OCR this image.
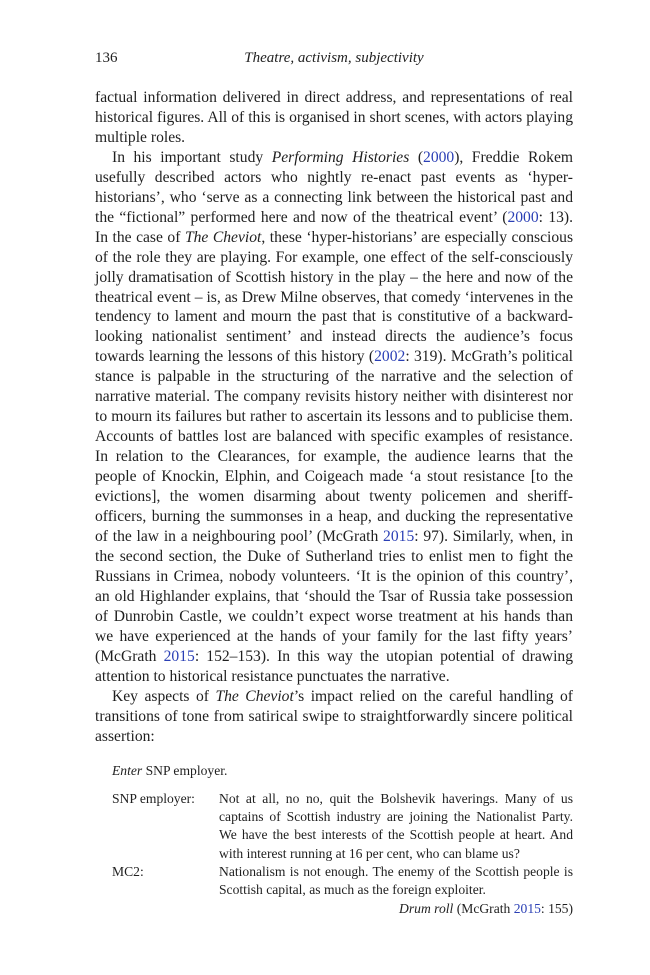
136	Theatre, activism, subjectivity

factual information delivered in direct address, and representations of real historical figures. All of this is organised in short scenes, with actors playing multiple roles.

In his important study Performing Histories (2000), Freddie Rokem usefully described actors who nightly re-enact past events as ‘hyper-historians’, who ‘serve as a connecting link between the historical past and the “fictional” performed here and now of the theatrical event’ (2000: 13). In the case of The Cheviot, these ‘hyper-historians’ are especially conscious of the role they are playing. For example, one effect of the self-consciously jolly dramatisation of Scottish history in the play – the here and now of the theatrical event – is, as Drew Milne observes, that comedy ‘intervenes in the tendency to lament and mourn the past that is constitutive of a backward-looking nationalist sentiment’ and instead directs the audience’s focus towards learning the lessons of this history (2002: 319). McGrath’s political stance is palpable in the structuring of the narrative and the selection of narrative material. The company revisits history neither with disinterest nor to mourn its failures but rather to ascertain its lessons and to publicise them. Accounts of battles lost are balanced with specific examples of resistance. In relation to the Clearances, for example, the audience learns that the people of Knockin, Elphin, and Coigeach made ‘a stout resistance [to the evictions], the women disarming about twenty policemen and sheriff-officers, burning the summonses in a heap, and ducking the representative of the law in a neighbouring pool’ (McGrath 2015: 97). Similarly, when, in the second section, the Duke of Sutherland tries to enlist men to fight the Russians in Crimea, nobody volunteers. ‘It is the opinion of this country’, an old Highlander explains, that ‘should the Tsar of Russia take possession of Dunrobin Castle, we couldn’t expect worse treatment at his hands than we have experienced at the hands of your family for the last fifty years’ (McGrath 2015: 152–153). In this way the utopian potential of drawing attention to historical resistance punctuates the narrative.

Key aspects of The Cheviot’s impact relied on the careful handling of transitions of tone from satirical swipe to straightforwardly sincere political assertion:

Enter SNP employer.
SNP employer:	Not at all, no no, quit the Bolshevik haverings. Many of us captains of Scottish industry are joining the Nationalist Party. We have the best interests of the Scottish people at heart. And with interest running at 16 per cent, who can blame us?
MC2:	Nationalism is not enough. The enemy of the Scottish people is Scottish capital, as much as the foreign exploiter.
Drum roll (McGrath 2015: 155)
